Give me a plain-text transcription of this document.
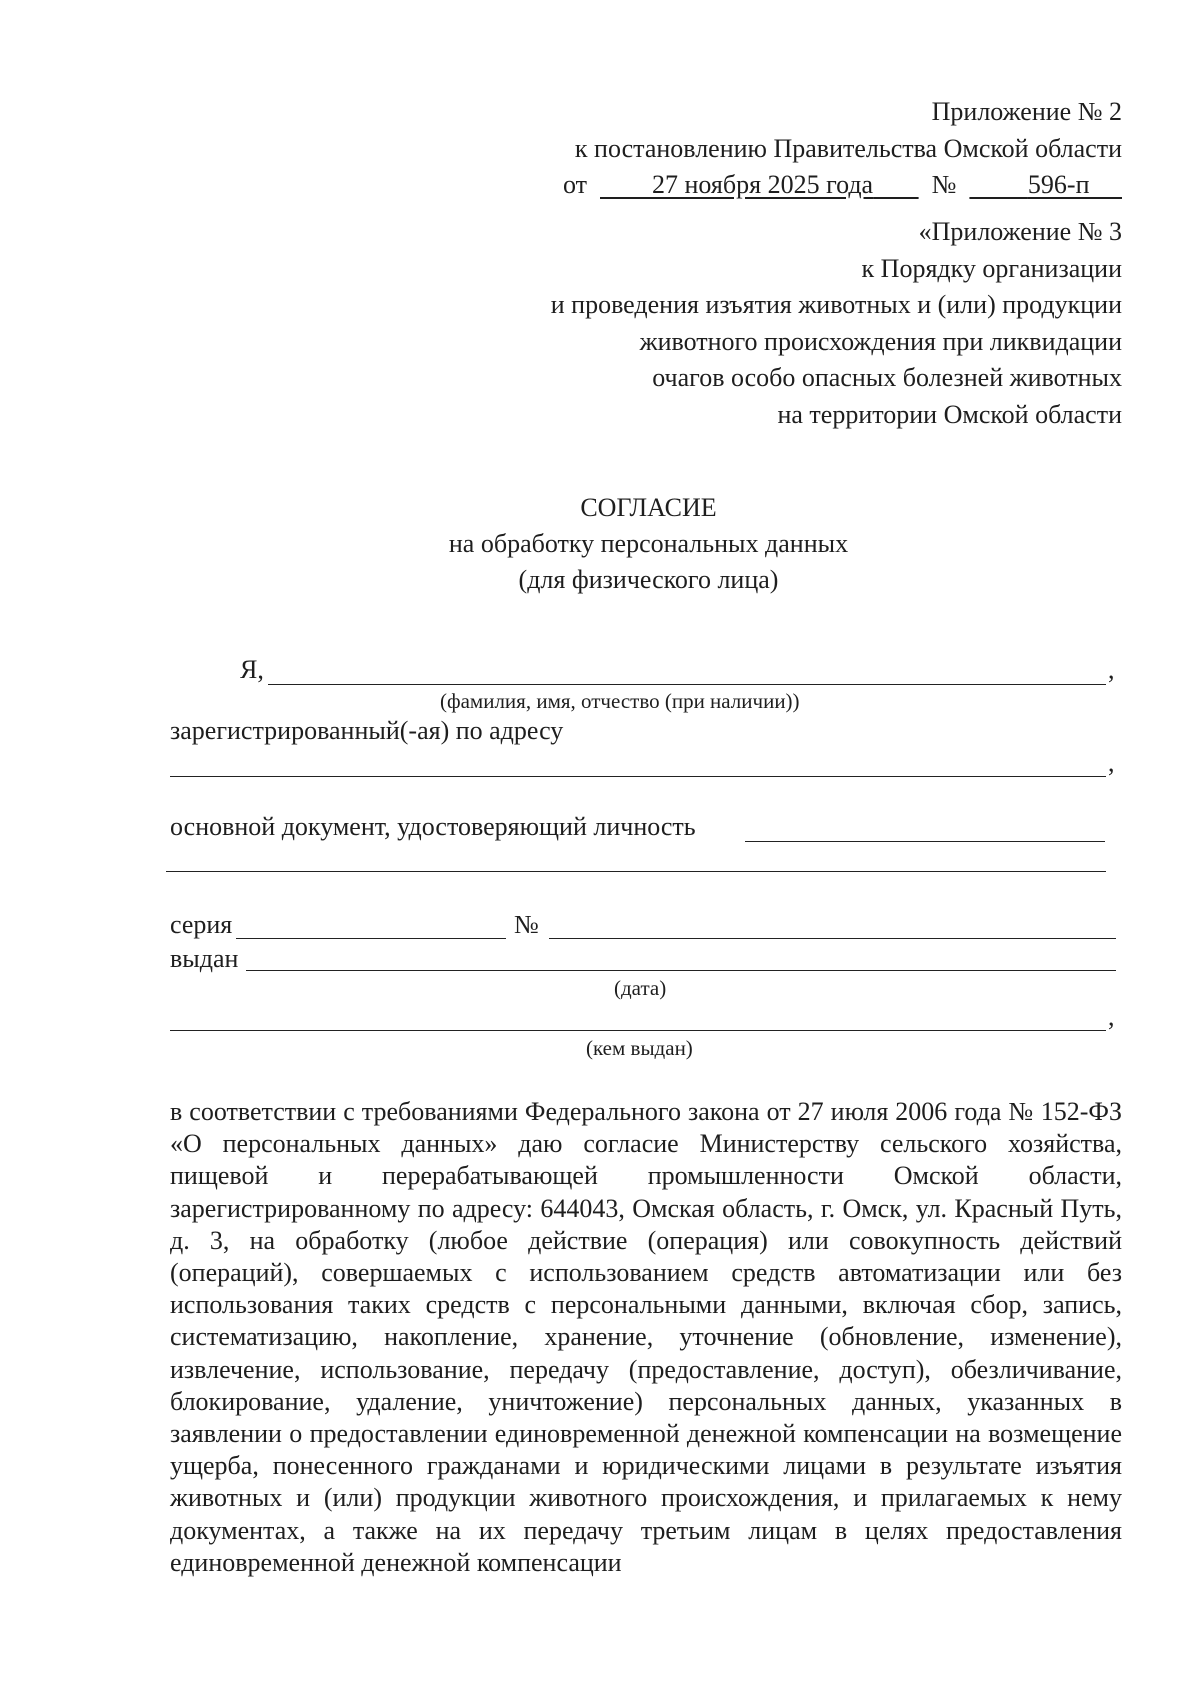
Приложение № 2
к постановлению Правительства Омской области
от	27 ноября 2025 года №	596-п
«Приложение № 3
к Порядку организации
и проведения изъятия животных и (или) продукции
животного происхождения при ликвидации
очагов особо опасных болезней животных
на территории Омской области
СОГЛАСИЕ
на обработку персональных данных
(для физического лица)
Я,	,
(фамилия, имя, отчество (при наличии))
зарегистрированный(-ая) по адресу
,
основной документ, удостоверяющий личность
серия	№
выдан
(дата)
,
(кем выдан)
в соответствии с требованиями Федерального закона от 27 июля 2006 года № 152-ФЗ «О персональных данных» даю согласие Министерству сельского хозяйства, пищевой и перерабатывающей промышленности Омской области, зарегистрированному по адресу: 644043, Омская область, г. Омск, ул. Красный Путь, д. 3, на обработку (любое действие (операция) или совокупность действий (операций), совершаемых с использованием средств автоматизации или без использования таких средств с персональными данными, включая сбор, запись, систематизацию, накопление, хранение, уточнение (обновление, изменение), извлечение, использование, передачу (предоставление, доступ), обезличивание, блокирование, удаление, уничтожение) персональных данных, указанных в заявлении о предоставлении единовременной денежной компенсации на возмещение ущерба, понесенного гражданами и юридическими лицами в результате изъятия животных и (или) продукции животного происхождения, и прилагаемых к нему документах, а также на их передачу третьим лицам в целях предоставления единовременной денежной компенсации
